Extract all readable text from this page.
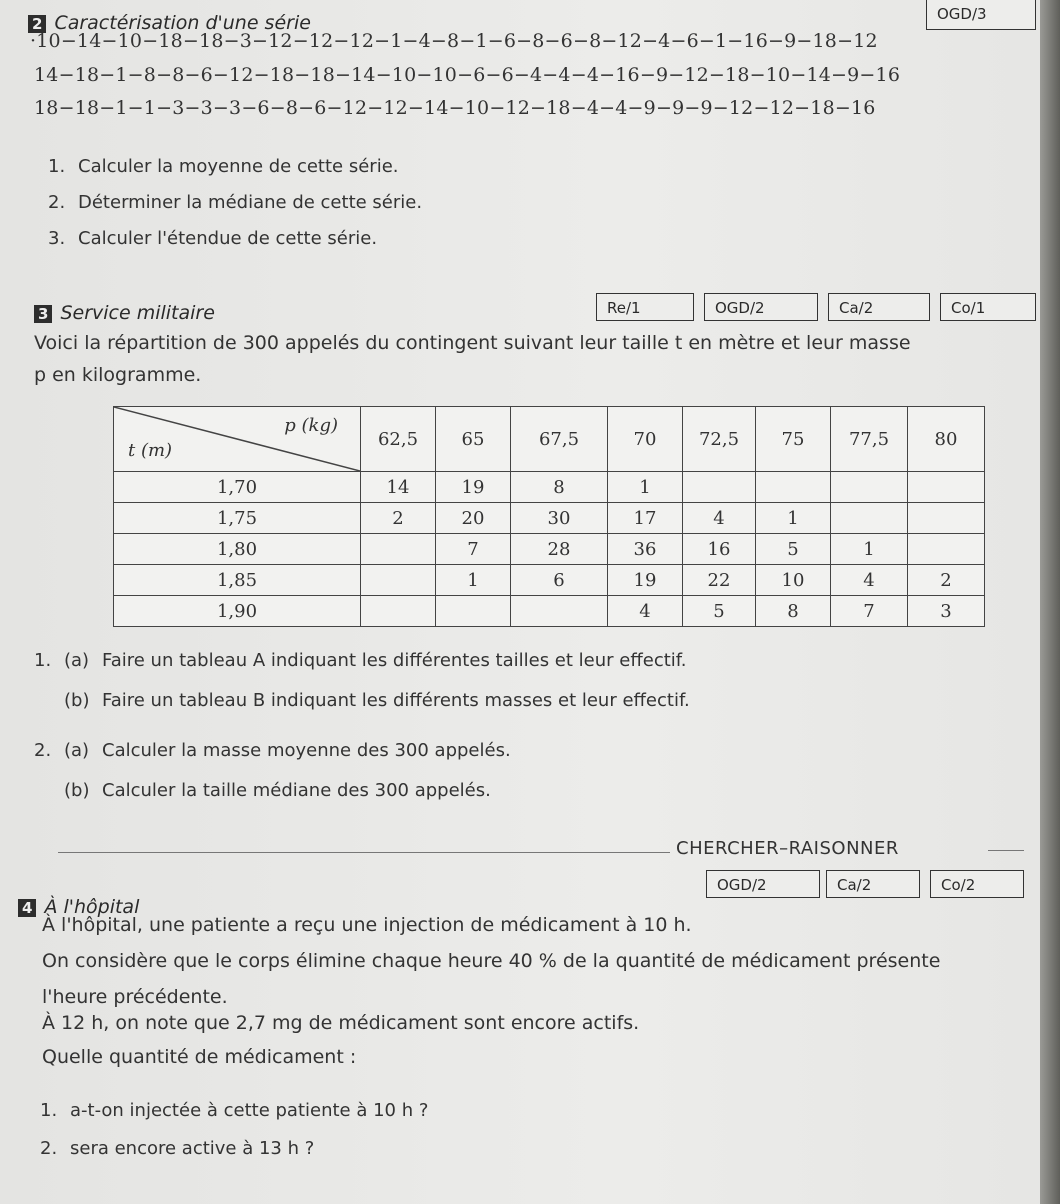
2 Caractérisation d'une série	OGD/3
·10−14−10−18−18−3−12−12−12−1−4−8−1−6−8−6−8−12−4−6−1−16−9−18−12
14−18−1−8−8−6−12−18−18−14−10−10−6−6−4−4−4−16−9−12−18−10−14−9−16
18−18−1−1−3−3−3−6−8−6−12−12−14−10−12−18−4−4−9−9−9−12−12−18−16
1. Calculer la moyenne de cette série.
2. Déterminer la médiane de cette série.
3. Calculer l'étendue de cette série.
3 Service militaire	Re/1	OGD/2	Ca/2	Co/1
Voici la répartition de 300 appelés du contingent suivant leur taille t en mètre et leur masse
p en kilogramme.
p (kg)
t (m)	62,5	65	67,5	70	72,5	75	77,5	80
1,70	14	19	8	1				
1,75	2	20	30	17	4	1		
1,80		7	28	36	16	5	1	
1,85		1	6	19	22	10	4	2
1,90				4	5	8	7	3
1. (a) Faire un tableau A indiquant les différentes tailles et leur effectif.
(b) Faire un tableau B indiquant les différents masses et leur effectif.
2. (a) Calculer la masse moyenne des 300 appelés.
(b) Calculer la taille médiane des 300 appelés.
CHERCHER–RAISONNER
4 À l'hôpital
OGD/2	Ca/2	Co/2
À l'hôpital, une patiente a reçu une injection de médicament à 10 h.
On considère que le corps élimine chaque heure 40 % de la quantité de médicament présente
l'heure précédente.
À 12 h, on note que 2,7 mg de médicament sont encore actifs.
Quelle quantité de médicament :
1. a-t-on injectée à cette patiente à 10 h ?
2. sera encore active à 13 h ?
